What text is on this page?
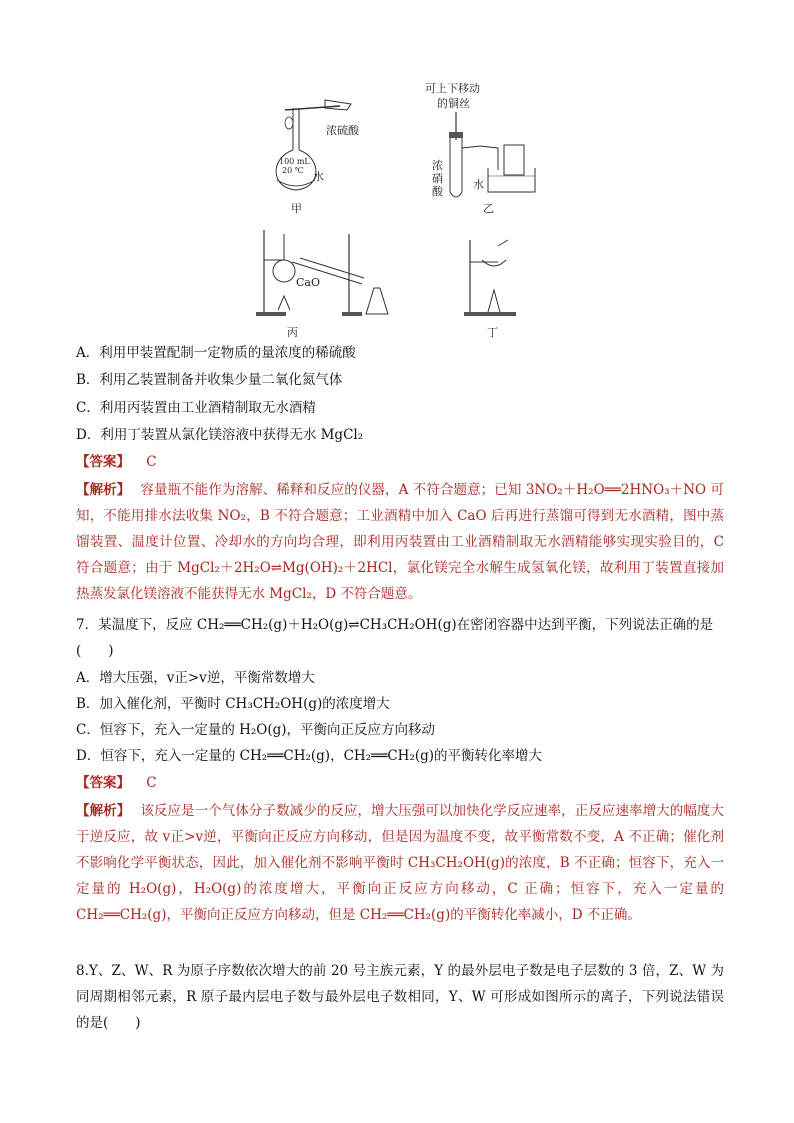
浓硫酸
100 mL
20 ℃ 水
甲
可上下移动
的铜丝
浓
硝
酸
水
乙
CaO
丙	丁
A．利用甲装置配制一定物质的量浓度的稀硫酸
B．利用乙装置制备并收集少量二氧化氮气体
C．利用丙装置由工业酒精制取无水酒精
D．利用丁装置从氯化镁溶液中获得无水 MgCl₂
【答案】 C
【解析】 容量瓶不能作为溶解、稀释和反应的仪器，A 不符合题意；已知 3NO₂＋H₂O══2HNO₃＋NO 可知，不能用排水法收集 NO₂，B 不符合题意；工业酒精中加入 CaO 后再进行蒸馏可得到无水酒精，图中蒸馏装置、温度计位置、冷却水的方向均合理，即利用丙装置由工业酒精制取无水酒精能够实现实验目的，C 符合题意；由于 MgCl₂＋2H₂O⇌Mg(OH)₂＋2HCl，氯化镁完全水解生成氢氧化镁，故利用丁装置直接加热蒸发氯化镁溶液不能获得无水 MgCl₂，D 不符合题意。
7．某温度下，反应 CH₂══CH₂(g)＋H₂O(g)⇌CH₃CH₂OH(g)在密闭容器中达到平衡，下列说法正确的是
(　　)
A．增大压强，v正>v逆，平衡常数增大
B．加入催化剂，平衡时 CH₃CH₂OH(g)的浓度增大
C．恒容下，充入一定量的 H₂O(g)，平衡向正反应方向移动
D．恒容下，充入一定量的 CH₂══CH₂(g)，CH₂══CH₂(g)的平衡转化率增大
【答案】 C
【解析】 该反应是一个气体分子数减少的反应，增大压强可以加快化学反应速率，正反应速率增大的幅度大于逆反应，故 v正>v逆，平衡向正反应方向移动，但是因为温度不变，故平衡常数不变，A 不正确；催化剂不影响化学平衡状态，因此，加入催化剂不影响平衡时 CH₃CH₂OH(g)的浓度，B 不正确；恒容下，充入一定量的 H₂O(g)，H₂O(g)的浓度增大，平衡向正反应方向移动，C 正确；恒容下，充入一定量的 CH₂══CH₂(g)，平衡向正反应方向移动，但是 CH₂══CH₂(g)的平衡转化率减小，D 不正确。
8.Y、Z、W、R 为原子序数依次增大的前 20 号主族元素，Y 的最外层电子数是电子层数的 3 倍，Z、W 为同周期相邻元素，R 原子最内层电子数与最外层电子数相同，Y、W 可形成如图所示的离子，下列说法错误的是(　　)
